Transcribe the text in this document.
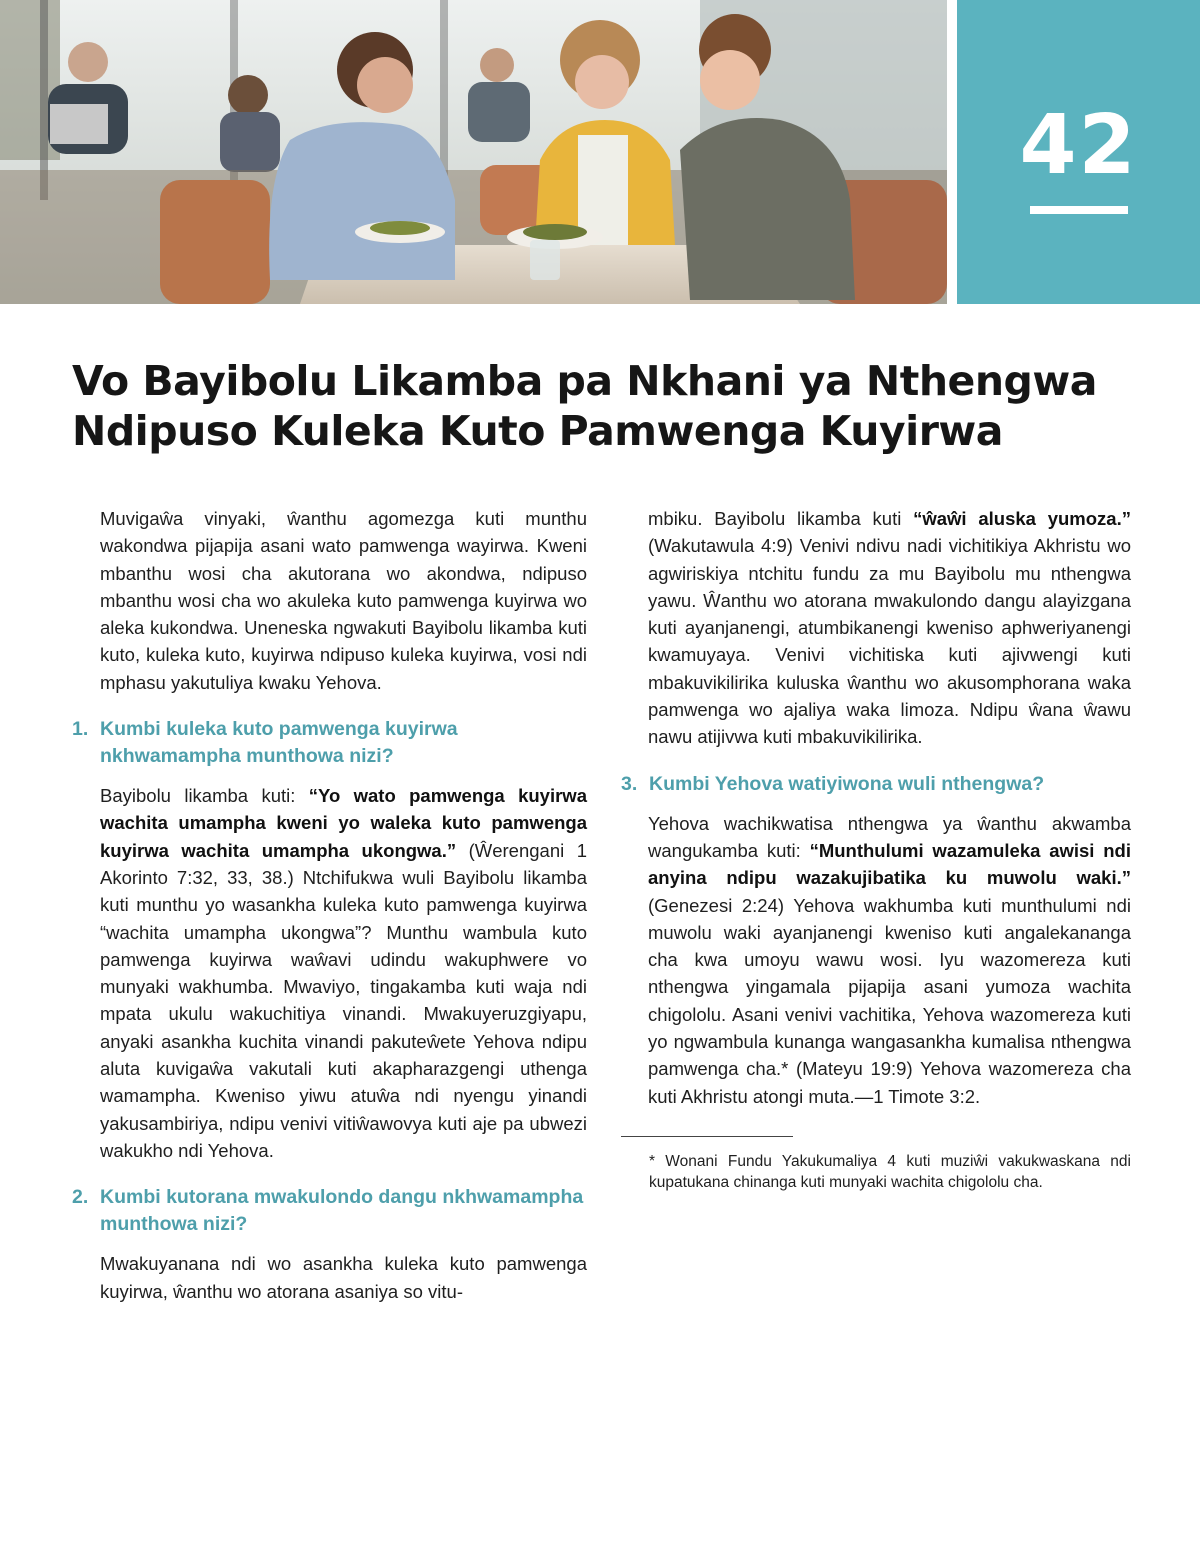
42
Vo Bayibolu Likamba pa Nkhani ya Nthengwa
Ndipuso Kuleka Kuto Pamwenga Kuyirwa

Muvigaŵa vinyaki, ŵanthu agomezga kuti munthu wakondwa pijapija asani wato pamwenga wayirwa. Kweni mbanthu wosi cha akutorana wo akondwa, ndipuso mbanthu wosi cha wo akuleka kuto pamwenga kuyirwa wo aleka kukondwa. Uneneska ngwakuti Bayibolu likamba kuti kuto, kuleka kuto, kuyirwa ndipuso kuleka kuyirwa, vosi ndi mphasu yakutuliya kwaku Yehova.

1. Kumbi kuleka kuto pamwenga kuyirwa nkhwamampha munthowa nizi?

Bayibolu likamba kuti: “Yo wato pamwenga kuyirwa wachita umampha kweni yo waleka kuto pamwenga kuyirwa wachita umampha ukongwa.” (Ŵerengani 1 Akorinto 7:32, 33, 38.) Ntchifukwa wuli Bayibolu likamba kuti munthu yo wasankha kuleka kuto pamwenga kuyirwa “wachita umampha ukongwa”? Munthu wambula kuto pamwenga kuyirwa waŵavi udindu wakuphwere vo munyaki wakhumba. Mwaviyo, tingakamba kuti waja ndi mpata ukulu wakuchitiya vinandi. Mwakuyeruzgiyapu, anyaki asankha kuchita vinandi pakuteŵete Yehova ndipu aluta kuvigaŵa vakutali kuti akapharazgengi uthenga wamampha. Kweniso yiwu atuŵa ndi nyengu yinandi yakusambiriya, ndipu venivi vitiŵawovya kuti aje pa ubwezi wakukho ndi Yehova.

2. Kumbi kutorana mwakulondo dangu nkhwamampha munthowa nizi?

Mwakuyanana ndi wo asankha kuleka kuto pamwenga kuyirwa, ŵanthu wo atorana asaniya so vitu-

mbiku. Bayibolu likamba kuti “ŵaŵi aluska yumoza.” (Wakutawula 4:9) Venivi ndivu nadi vichitikiya Akhristu wo agwiriskiya ntchitu fundu za mu Bayibolu mu nthengwa yawu. Ŵanthu wo atorana mwakulondo dangu alayizgana kuti ayanjanengi, atumbikanengi kweniso aphweriyanengi kwamuyaya. Venivi vichitiska kuti ajivwengi kuti mbakuvikilirika kuluska ŵanthu wo akusomphorana waka pamwenga wo ajaliya waka limoza. Ndipu ŵana ŵawu nawu atijivwa kuti mbakuvikilirika.

3. Kumbi Yehova watiyiwona wuli nthengwa?

Yehova wachikwatisa nthengwa ya ŵanthu akwamba wangukamba kuti: “Munthulumi wazamuleka awisi ndi anyina ndipu wazakujibatika ku muwolu waki.” (Genezesi 2:24) Yehova wakhumba kuti munthulumi ndi muwolu waki ayanjanengi kweniso kuti angalekananga cha kwa umoyu wawu wosi. Iyu wazomereza kuti nthengwa yingamala pijapija asani yumoza wachita chigololu. Asani venivi vachitika, Yehova wazomereza kuti yo ngwambula kunanga wangasankha kumalisa nthengwa pamwenga cha.* (Mateyu 19:9) Yehova wazomereza cha kuti Akhristu atongi muta.—1 Timote 3:2.

* Wonani Fundu Yakukumaliya 4 kuti muziŵi vakukwaskana ndi kupatukana chinanga kuti munyaki wachita chigololu cha.
